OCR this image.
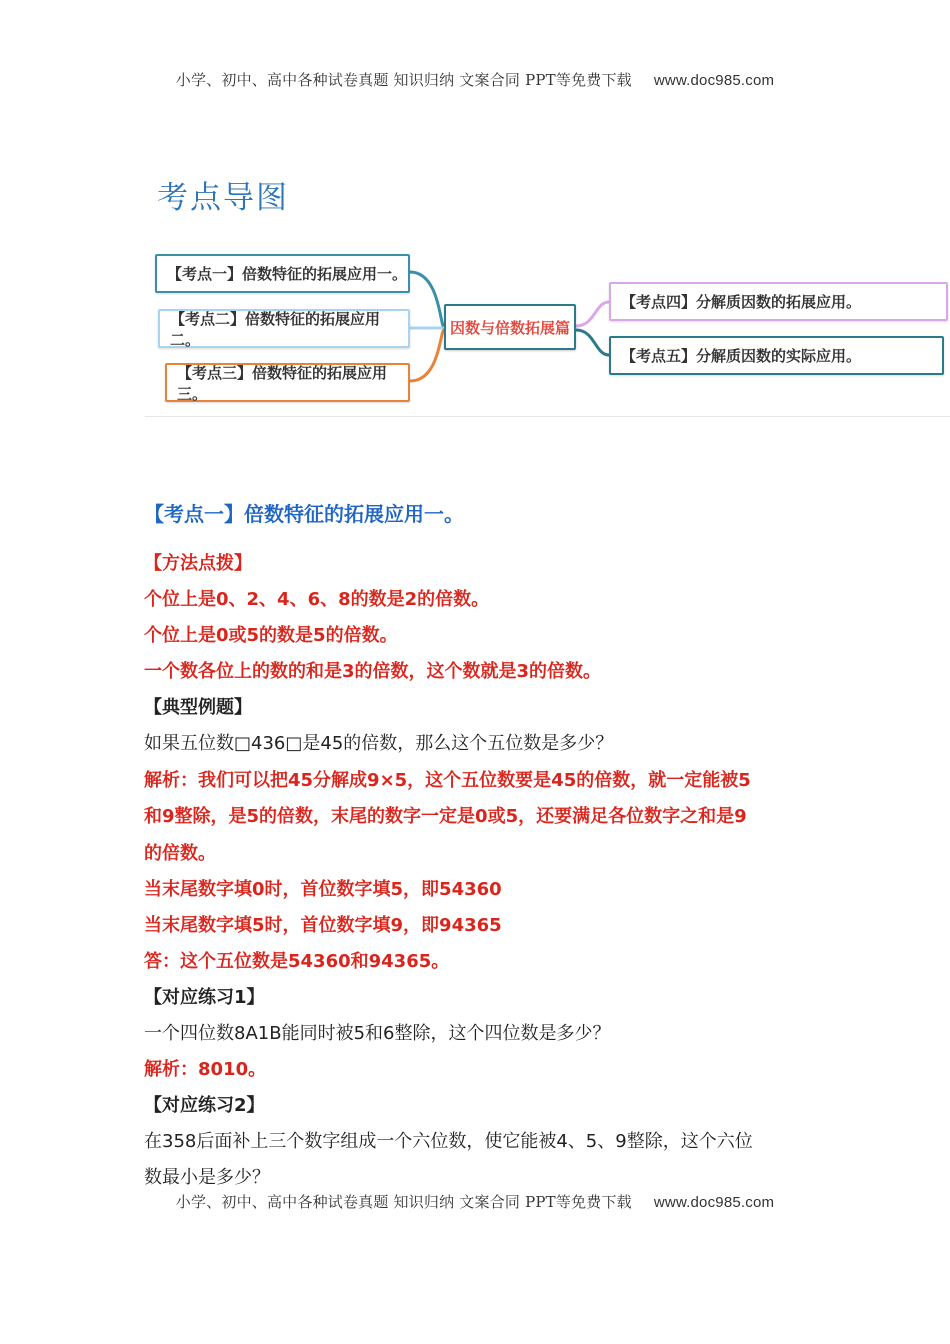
小学、初中、高中各种试卷真题 知识归纳 文案合同 PPT等免费下载 www.doc985.com
考点导图
【考点一】倍数特征的拓展应用一。
【考点二】倍数特征的拓展应用二。
【考点三】倍数特征的拓展应用三。
因数与倍数拓展篇
【考点四】分解质因数的拓展应用。
【考点五】分解质因数的实际应用。
【考点一】倍数特征的拓展应用一。
【方法点拨】
个位上是0、2、4、6、8的数是2的倍数。
个位上是0或5的数是5的倍数。
一个数各位上的数的和是3的倍数，这个数就是3的倍数。
【典型例题】
如果五位数□436□是45的倍数，那么这个五位数是多少？
解析：我们可以把45分解成9×5，这个五位数要是45的倍数，就一定能被5
和9整除，是5的倍数，末尾的数字一定是0或5，还要满足各位数字之和是9
的倍数。
当末尾数字填0时，首位数字填5，即54360
当末尾数字填5时，首位数字填9，即94365
答：这个五位数是54360和94365。
【对应练习1】
一个四位数8A1B能同时被5和6整除，这个四位数是多少？
解析：8010。
【对应练习2】
在358后面补上三个数字组成一个六位数，使它能被4、5、9整除，这个六位
数最小是多少？
小学、初中、高中各种试卷真题 知识归纳 文案合同 PPT等免费下载 www.doc985.com
